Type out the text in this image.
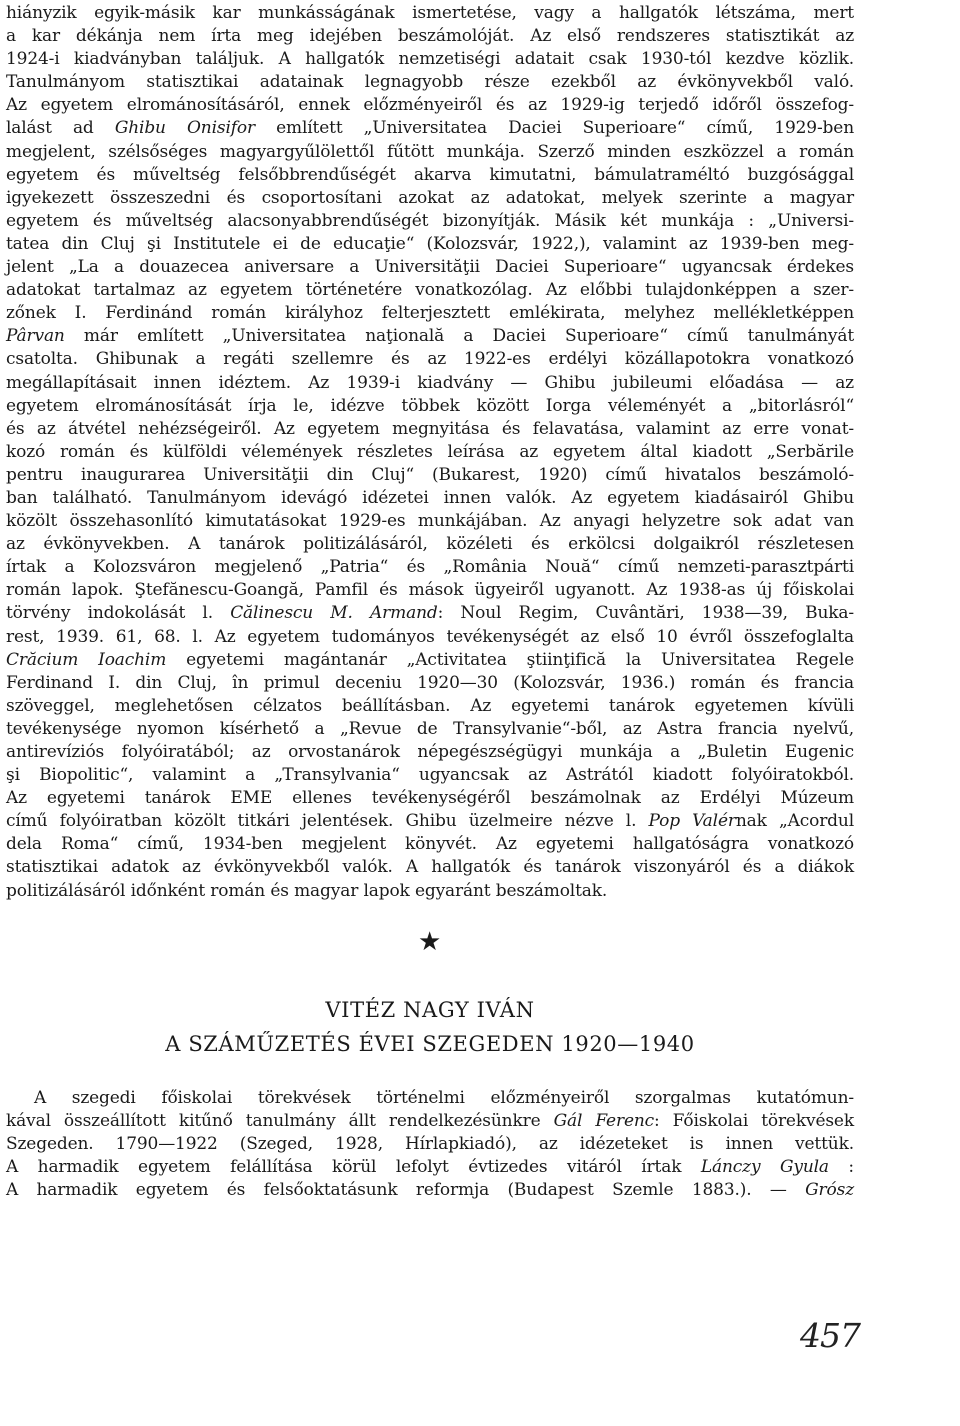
hiányzik egyik-másik kar munkásságának ismertetése, vagy a hallgatók létszáma, mert
a kar dékánja nem írta meg idejében beszámolóját. Az első rendszeres statisztikát az
1924-i kiadványban találjuk. A hallgatók nemzetiségi adatait csak 1930-tól kezdve közlik.
Tanulmányom statisztikai adatainak legnagyobb része ezekből az évkönyvekből való.
Az egyetem elrománosításáról, ennek előzményeiről és az 1929-ig terjedő időről összefog-
lalást ad Ghibu Onisifor említett „Universitatea Daciei Superioare“ című, 1929-ben
megjelent, szélsőséges magyargyűlölettől fűtött munkája. Szerző minden eszközzel a román
egyetem és műveltség felsőbbrendűségét akarva kimutatni, bámulatraméltó buzgósággal
igyekezett összeszedni és csoportosítani azokat az adatokat, melyek szerinte a magyar
egyetem és műveltség alacsonyabbrendűségét bizonyítják. Másik két munkája : „Universi-
tatea din Cluj şi Institutele ei de educaţie“ (Kolozsvár, 1922,), valamint az 1939-ben meg-
jelent „La a douazecea aniversare a Universităţii Daciei Superioare“ ugyancsak érdekes
adatokat tartalmaz az egyetem történetére vonatkozólag. Az előbbi tulajdonképpen a szer-
zőnek I. Ferdinánd román királyhoz felterjesztett emlékirata, melyhez mellékletképpen
Pârvan már említett „Universitatea naţională a Daciei Superioare“ című tanulmányát
csatolta. Ghibunak a regáti szellemre és az 1922-es erdélyi közállapotokra vonatkozó
megállapításait innen idéztem. Az 1939-i kiadvány — Ghibu jubileumi előadása — az
egyetem elrománosítását írja le, idézve többek között Iorga véleményét a „bitorlásról“
és az átvétel nehézségeiről. Az egyetem megnyitása és felavatása, valamint az erre vonat-
kozó román és külföldi vélemények részletes leírása az egyetem által kiadott „Serbările
pentru inaugurarea Universităţii din Cluj“ (Bukarest, 1920) című hivatalos beszámoló-
ban található. Tanulmányom idevágó idézetei innen valók. Az egyetem kiadásairól Ghibu
közölt összehasonlító kimutatásokat 1929-es munkájában. Az anyagi helyzetre sok adat van
az évkönyvekben. A tanárok politizálásáról, közéleti és erkölcsi dolgaikról részletesen
írtak a Kolozsváron megjelenő „Patria“ és „România Nouă“ című nemzeti-parasztpárti
román lapok. Ştefănescu-Goangă, Pamfil és mások ügyeiről ugyanott. Az 1938-as új főiskolai
törvény indokolását l. Călinescu M. Armand: Noul Regim, Cuvântări, 1938—39, Buka-
rest, 1939. 61, 68. l. Az egyetem tudományos tevékenységét az első 10 évről összefoglalta
Crăcium Ioachim egyetemi magántanár „Activitatea ştiinţifică la Universitatea Regele
Ferdinand I. din Cluj, în primul deceniu 1920—30 (Kolozsvár, 1936.) román és francia
szöveggel, meglehetősen célzatos beállításban. Az egyetemi tanárok egyetemen kívüli
tevékenysége nyomon kísérhető a „Revue de Transylvanie“-ből, az Astra francia nyelvű,
antirevíziós folyóiratából; az orvostanárok népegészségügyi munkája a „Buletin Eugenic
şi Biopolitic“, valamint a „Transylvania“ ugyancsak az Astrától kiadott folyóiratokból.
Az egyetemi tanárok EME ellenes tevékenységéről beszámolnak az Erdélyi Múzeum
című folyóiratban közölt titkári jelentések. Ghibu üzelmeire nézve l. Pop Valérnak „Acordul
dela Roma“ című, 1934-ben megjelent könyvét. Az egyetemi hallgatóságra vonatkozó
statisztikai adatok az évkönyvekből valók. A hallgatók és tanárok viszonyáról és a diákok
politizálásáról időnként román és magyar lapok egyaránt beszámoltak.
★
VITÉZ NAGY IVÁN
A SZÁMŰZETÉS ÉVEI SZEGEDEN 1920—1940
A szegedi főiskolai törekvések történelmi előzményeiről szorgalmas kutatómun-
kával összeállított kitűnő tanulmány állt rendelkezésünkre Gál Ferenc: Főiskolai törekvések
Szegeden. 1790—1922 (Szeged, 1928, Hírlapkiadó), az idézeteket is innen vettük.
A harmadik egyetem felállítása körül lefolyt évtizedes vitáról írtak Lánczy Gyula :
A harmadik egyetem és felsőoktatásunk reformja (Budapest Szemle 1883.). — Grósz
457
